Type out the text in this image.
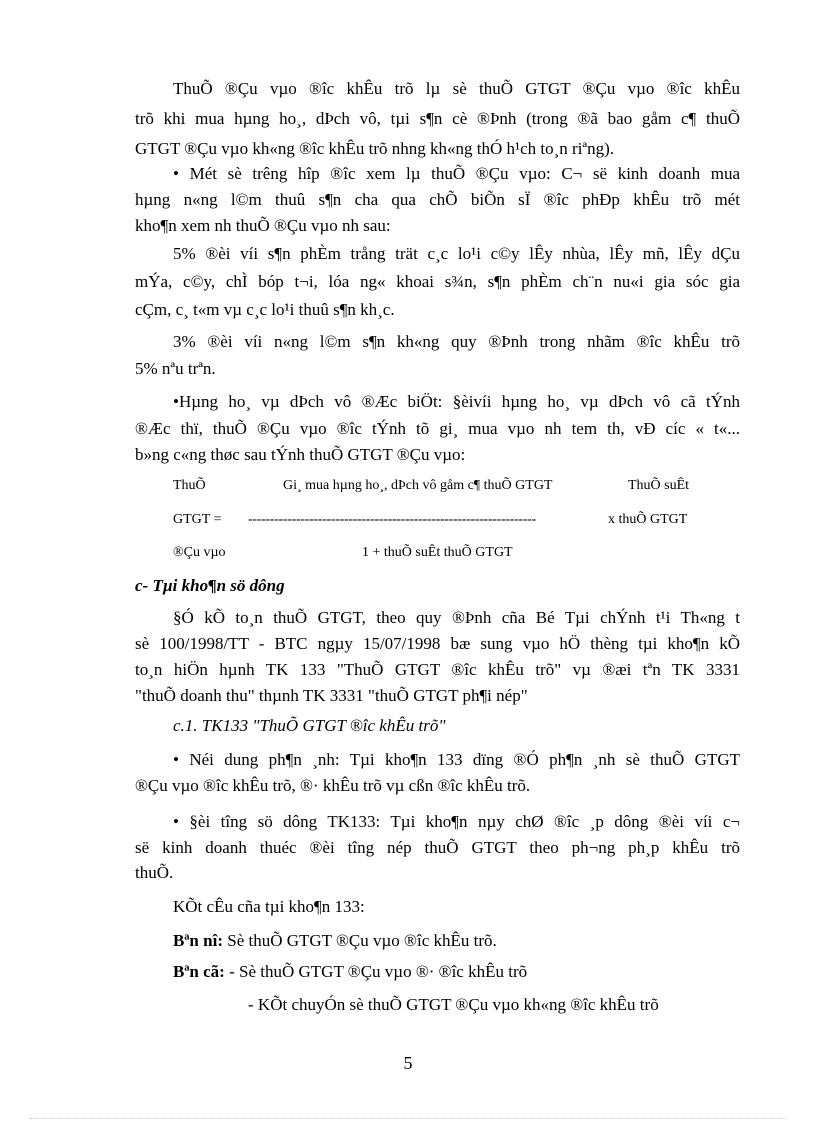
ThuÕ ®Çu vµo ®îc khÊu trõ lµ sè thuÕ GTGT ®Çu vµo ®îc khÊu
trõ khi mua hµng ho¸, dÞch vô, tµi s¶n cè ®Þnh (trong ®ã bao gåm c¶ thuÕ
GTGT ®Çu vµo kh«ng ®îc khÊu trõ nhng kh«ng thÓ h¹ch to¸n riªng).
• Mét sè trêng hîp ®îc xem lµ thuÕ ®Çu vµo: C¬ së kinh doanh mua
hµng n«ng l©m thuû s¶n cha qua chÕ biÕn sÏ ®îc phÐp khÊu trõ mét
kho¶n xem nh thuÕ ®Çu vµo nh sau:
5% ®èi víi s¶n phÈm trång trät c¸c lo¹i c©y lÊy nhùa, lÊy mñ, lÊy dÇu
mÝa, c©y, chÌ bóp t¬i, lóa ng« khoai s¾n, s¶n phÈm ch¨n nu«i gia sóc gia
cÇm, c¸ t«m vµ c¸c lo¹i thuû s¶n kh¸c.
3% ®èi víi n«ng l©m s¶n kh«ng quy ®Þnh trong nhãm ®îc khÊu trõ
5% nªu trªn.
•Hµng ho¸ vµ dÞch vô ®Æc biÖt: §èivíi hµng ho¸ vµ dÞch vô cã tÝnh
®Æc thï, thuÕ ®Çu vµo ®îc tÝnh tõ gi¸ mua vµo nh tem th, vÐ cíc « t«...
b»ng c«ng thøc sau tÝnh thuÕ GTGT ®Çu vµo:
ThuÕ	Gi¸ mua hµng ho¸, dÞch vô gåm c¶ thuÕ GTGT	ThuÕ suÊt
GTGT = ------------------------------------------------------------------	x thuÕ GTGT
®Çu vµo	1 + thuÕ suÊt thuÕ GTGT
c- Tµi kho¶n sö dông
§Ó kÕ to¸n thuÕ GTGT, theo quy ®Þnh cña Bé Tµi chÝnh t¹i Th«ng t
sè 100/1998/TT - BTC ngµy 15/07/1998 bæ sung vµo hÖ thèng tµi kho¶n kÕ
to¸n hiÖn hµnh TK 133 "ThuÕ GTGT ®îc khÊu trõ" vµ ®æi tªn TK 3331
"thuÕ doanh thu" thµnh TK 3331 "thuÕ GTGT ph¶i nép"
c.1. TK133 "ThuÕ GTGT ®îc khÊu trõ"
• Néi dung ph¶n ¸nh: Tµi kho¶n 133 dïng ®Ó ph¶n ¸nh sè thuÕ GTGT
®Çu vµo ®îc khÊu trõ, ®· khÊu trõ vµ cßn ®îc khÊu trõ.
• §èi tîng sö dông TK133: Tµi kho¶n nµy chØ ®îc ¸p dông ®èi víi c¬
së kinh doanh thuéc ®èi tîng nép thuÕ GTGT theo ph¬ng ph¸p khÊu trõ
thuÕ.
KÕt cÊu cña tµi kho¶n 133:
Bªn nî: Sè thuÕ GTGT ®Çu vµo ®îc khÊu trõ.
Bªn cã: - Sè thuÕ GTGT ®Çu vµo ®· ®îc khÊu trõ
- KÕt chuyÓn sè thuÕ GTGT ®Çu vµo kh«ng ®îc khÊu trõ
5
